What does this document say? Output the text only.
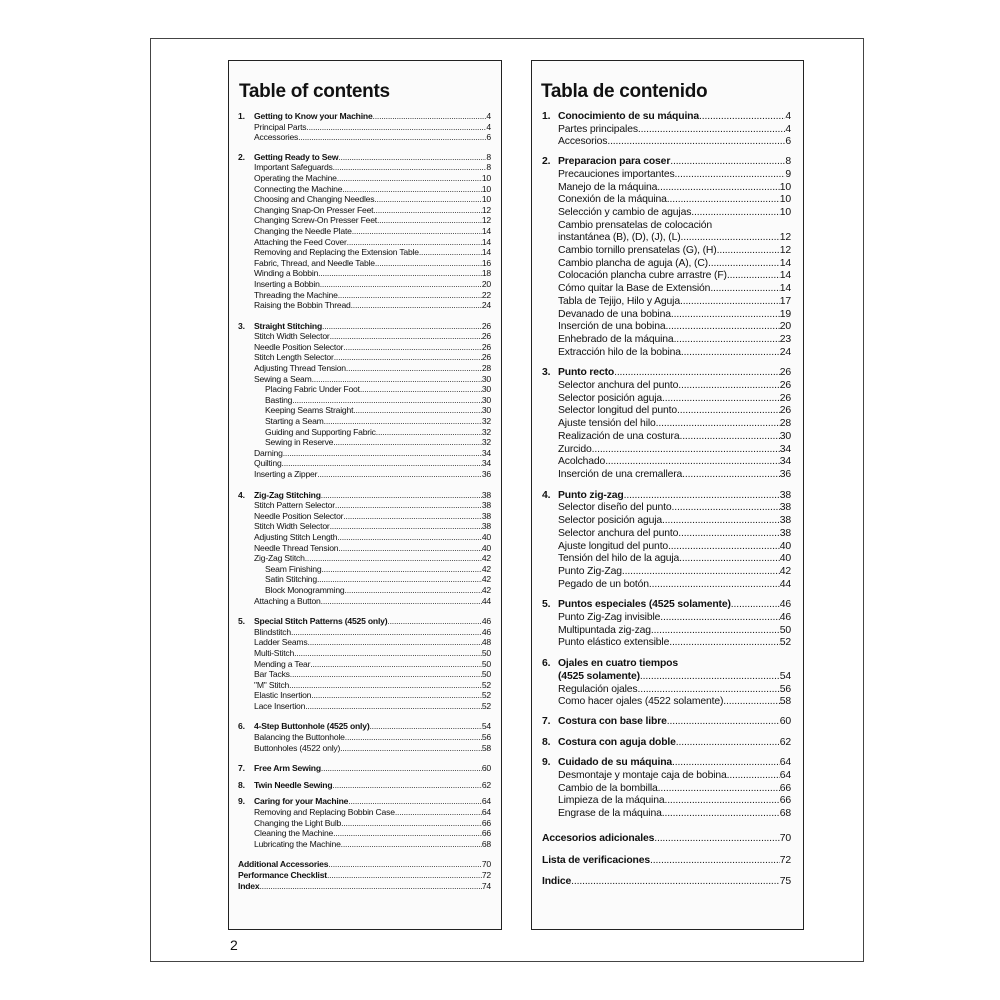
Table of contents
1.	Getting to Know your Machine .....	4
Principal Parts .....	4
Accessories .....	6
2.	Getting Ready to Sew .....	8
Important Safeguards .....	8
Operating the Machine .....	10
Connecting the Machine .....	10
Choosing and Changing Needles .....	10
Changing Snap-On Presser Feet .....	12
Changing Screw-On Presser Feet .....	12
Changing the Needle Plate .....	14
Attaching the Feed Cover .....	14
Removing and Replacing the Extension Table .....	14
Fabric, Thread, and Needle Table .....	16
Winding a Bobbin .....	18
Inserting a Bobbin .....	20
Threading the Machine .....	22
Raising the Bobbin Thread .....	24
3.	Straight Stitching .....	26
Stitch Width Selector .....	26
Needle Position Selector .....	26
Stitch Length Selector .....	26
Adjusting Thread Tension .....	28
Sewing a Seam .....	30
Placing Fabric Under Foot .....	30
Basting .....	30
Keeping Seams Straight .....	30
Starting a Seam .....	32
Guiding and Supporting Fabric .....	32
Sewing in Reserve .....	32
Darning .....	34
Quilting .....	34
Inserting a Zipper .....	36
4.	Zig-Zag Stitching .....	38
Stitch Pattern Selector .....	38
Needle Position Selector .....	38
Stitch Width Selector .....	38
Adjusting Stitch Length .....	40
Needle Thread Tension .....	40
Zig-Zag Stitch .....	42
Seam Finishing .....	42
Satin Stitching .....	42
Block Monogramming .....	42
Attaching a Button .....	44
5.	Special Stitch Patterns (4525 only) .....	46
Blindstitch .....	46
Ladder Seams .....	48
Multi-Stitch .....	50
Mending a Tear .....	50
Bar Tacks .....	50
"M" Stitch .....	52
Elastic Insertion .....	52
Lace Insertion .....	52
6.	4-Step Buttonhole (4525 only) .....	54
Balancing the Buttonhole .....	56
Buttonholes (4522 only) .....	58
7.	Free Arm Sewing .....	60
8.	Twin Needle Sewing .....	62
9.	Caring for your Machine .....	64
Removing and Replacing Bobbin Case .....	64
Changing the Light Bulb .....	66
Cleaning the Machine .....	66
Lubricating the Machine .....	68
Additional Accessories .....	70
Performance Checklist .....	72
Index .....	74
Tabla de contenido
1. Conocimiento de su máquina .....	4
Partes principales .....	4
Accesorios .....	6
2. Preparacion para coser .....	8
Precauciones importantes .....	9
Manejo de la máquina .....	10
Conexión de la máquina .....	10
Selección y cambio de agujas .....	10
Cambio prensatelas de colocación
instantánea (B), (D), (J), (L) .....	12
Cambio tornillo prensatelas (G), (H) .....	12
Cambio plancha de aguja (A), (C) .....	14
Colocación plancha cubre arrastre (F) .....	14
Cómo quitar la Base de Extensión .....	14
Tabla de Tejijo, Hilo y Aguja .....	17
Devanado de una bobina .....	19
Inserción de una bobina .....	20
Enhebrado de la máquina .....	23
Extracción hilo de la bobina .....	24
3. Punto recto .....	26
Selector anchura del punto .....	26
Selector posición aguja .....	26
Selector longitud del punto .....	26
Ajuste tensión del hilo .....	28
Realización de una costura .....	30
Zurcido .....	34
Acolchado .....	34
Inserción de una cremallera .....	36
4. Punto zig-zag .....	38
Selector diseño del punto .....	38
Selector posición aguja .....	38
Selector anchura del punto .....	38
Ajuste longitud del punto .....	40
Tensión del hilo de la aguja .....	40
Punto Zig-Zag .....	42
Pegado de un botón .....	44
5. Puntos especiales (4525 solamente) .....	46
Punto Zig-Zag invisible .....	46
Multipuntada zig-zag .....	50
Punto elástico extensible .....	52
6. Ojales en cuatro tiempos
(4525 solamente) .....	54
Regulación ojales .....	56
Como hacer ojales (4522 solamente) .....	58
7. Costura con base libre .....	60
8. Costura con aguja doble .....	62
9. Cuidado de su máquina .....	64
Desmontaje y montaje caja de bobina .....	64
Cambio de la bombilla .....	66
Limpieza de la máquina .....	66
Engrase de la máquina .....	68
Accesorios adicionales .....	70
Lista de verificaciones .....	72
Indice .....	75
2
